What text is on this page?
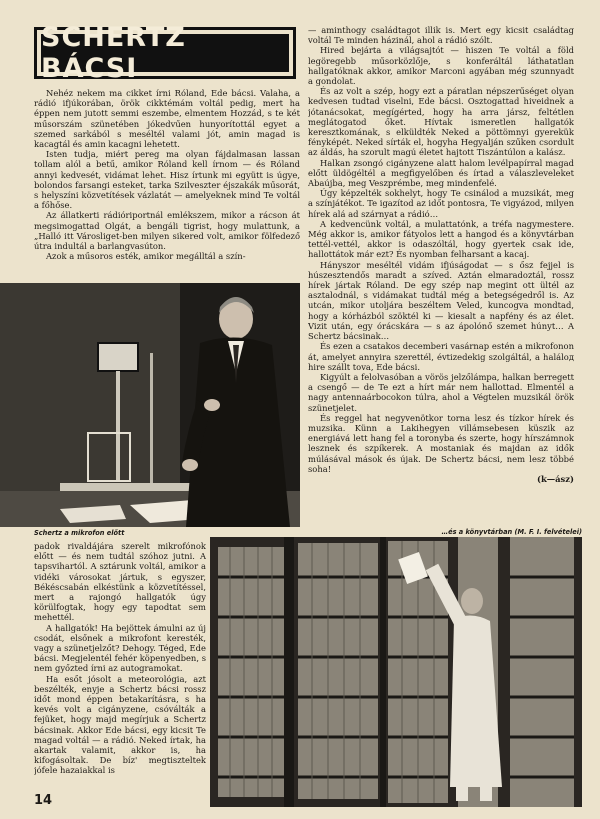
SCHERTZ BÁCSI

Nehéz nekem ma cikket írni Róland, Ede bácsi. Valaha, a rádió ifjúkorában, örök cikktémám voltál pedig, mert ha éppen nem jutott semmi eszembe, elmentem Hozzád, s te két műsorszám szünetében jókedvűen hunyorítottál egyet a szemed sarkából s meséltél valami jót, amin magad is kacagtál és amin kacagni lehetett.

Isten tudja, miért pereg ma olyan fájdalmasan lassan tollam alól a betű, amikor Róland kell írnom — és Róland annyi kedvesét, vidámat lehet. Hisz írtunk mi együtt is úgye, bolondos farsangi esteket, tarka Szilveszter éjszakák műsorát, s helyszíni közvetítések vázlatát — amelyeknek mind Te voltál a főhőse.

Az állatkerti rádióriportnál emlékszem, mikor a rácson át megsimogattad Olgát, a bengáli tigrist, hogy mulattunk, a „Halló itt Városliget-ben milyen sikered volt, amikor fölfedező útra indultál a barlangvasúton.

Azok a műsoros esték, amikor megálltál a szín-

Schertz a mikrofon előtt

— aminthogy családtagot illik is. Mert egy kicsit családtag voltál Te minden házinál, ahol a rádió szólt.

Hired bejárta a világsajtót — hiszen Te voltál a föld legöregebb műsorközlője, s konferáltál láthatatlan hallgatóknak akkor, amikor Marconi agyában még szunnyadt a gondolat.

És az volt a szép, hogy ezt a páratlan népszerűséget olyan kedvesen tudtad viselni, Ede bácsi. Osztogattad hiveidnek a jótanácsokat, megígérted, hogy ha arra jársz, feltétlen meglátogatod őket. Hívtak ismeretlen hallgatók keresztkomának, s elküldték Neked a pöttömnyi gyerekük fényképét. Neked sírták el, hogyha Hegyalján szűken csordult az áldás, ha szorult magú életet hajtott Tiszántúlon a kalász.

Halkan zsongó cigányzene alatt halom levélpapírral magad előtt üldögéltél a megfigyelőben és írtad a válaszleveleket Abaújba, meg Veszprémbe, meg mindenfelé.

Úgy képzelték sokhelyt, hogy Te csinálod a muzsikát, meg a színjátékot. Te igazítod az időt pontosra, Te vigyázod, milyen hírek alá ad szárnyat a rádió…

A kedvencünk voltál, a mulattatónk, a tréfa nagymestere. Még akkor is, amikor fátyolos lett a hangod és a könyvtárban tettél-vettél, akkor is odaszóltál, hogy gyertek csak ide, hallottátok már ezt? És nyomban felharsant a kacaj.

Hányszor meséltél vidám ifjúságodat — s ősz fejjel is húszesztendős maradt a szíved. Aztán elmaradoztál, rossz hírek jártak Róland. De egy szép nap megint ott ültél az asztalodnál, s vidámakat tudtál még a betegségedről is. Az utcán, mikor utoljára beszéltem Veled, kuncogva mondtad, hogy a kórházból szöktél ki — kiesalt a napfény és az élet. Vizit után, egy órácskára — s az ápolónő szemet húnyt… A Schertz bácsinak…

És ezen a csatakos decemberi vasárnap estén a mikrofonon át, amelyet annyira szerettél, évtizedekig szolgáltál, a haláloд hire szállt tova, Ede bácsi.

Kigyúlt a felolvasóban a vörös jelzőlámpa, halkan berregett a csengő — de Te ezt a hírt már nem hallottad. Elmentél a nagy antennaárbocokon túlra, ahol a Végtelen muzsikál örök szünetjelet.

És reggel hat negyvenötkor torna lesz és tízkor hírek és muzsika. Künn a Lakihegyen villámsebesen küszik az energiává lett hang fel a toronyba és szerte, hogy hírszámnok lesznek és szpíkerek. A mostaniak és majdan az idők múlásával mások és újak. De Schertz bácsi, nem lesz többé soha!

(k—ász)

…és a könyvtárban (M. F. I. felvételei)

padok rivaldájára szerelt mikrofónok előtt — és nem tudtál szóhoz jutni. A tapsvihartól. A sztárunk voltál, amikor a vidéki városokat jártuk, s egyszer, Békéscsabán elkéstünk a közvetítéssel, mert a rajongó hallgatók úgy körülfogtak, hogy egy tapodtat sem mehettél.

A hallgatók! Ha bejöttek ámulni az új csodát, elsőnek a mikrofont keresték, vagy a szünetjelzőt? Dehogy. Téged, Ede bácsi. Megjelentél fehér köpenyedben, s nem győzted írni az autogramokat.

Ha esőt jósolt a meteorológia, azt beszélték, enyje a Schertz bácsi rossz időt mond éppen betakarításra, s ha kevés volt a cigányzene, csóválták a fejüket, hogy majd megírjuk a Schertz bácsinak. Akkor Ede bácsi, egy kicsit Te magad voltál — a rádió. Neked írtak, ha akartak valamit, akkor is, ha kifogásoltak. De bíz' megtiszteltek jófele hazaiakkal is

14
